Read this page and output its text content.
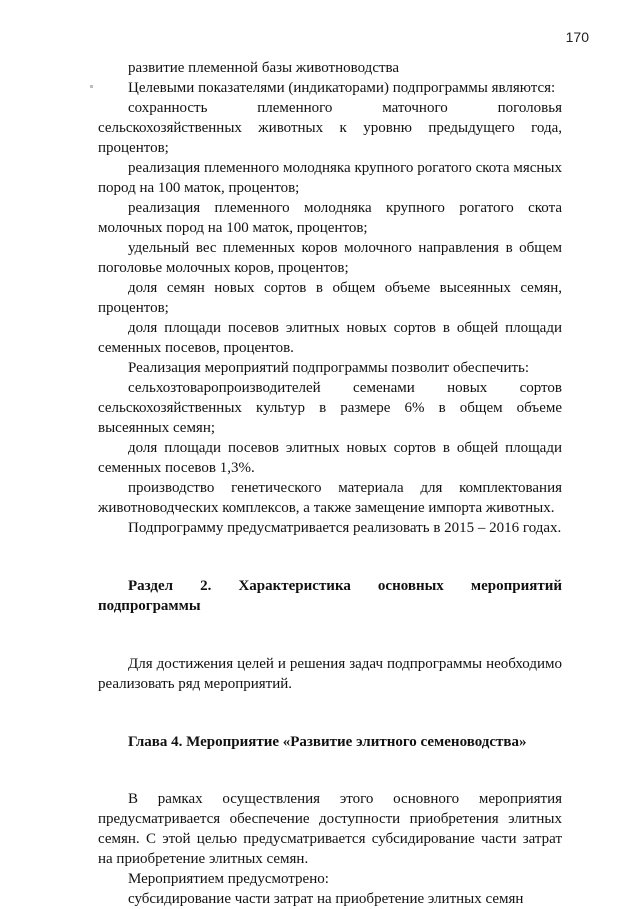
170

развитие племенной базы животноводства

Целевыми показателями (индикаторами) подпрограммы являются:

сохранность племенного маточного поголовья сельскохозяйственных животных к уровню предыдущего года, процентов;

реализация племенного молодняка крупного рогатого скота мясных пород на 100 маток, процентов;

реализация племенного молодняка крупного рогатого скота молочных пород на 100 маток, процентов;

удельный вес племенных коров молочного направления в общем поголовье молочных коров, процентов;

доля семян новых сортов в общем объеме высеянных семян, процентов;

доля площади посевов элитных новых сортов в общей площади семенных посевов, процентов.

Реализация мероприятий подпрограммы позволит обеспечить:

сельхозтоваропроизводителей семенами новых сортов сельскохозяйственных культур в размере 6% в общем объеме высеянных семян;

доля площади посевов элитных новых сортов в общей площади семенных посевов 1,3%.

производство генетического материала для комплектования животноводческих комплексов, а также замещение импорта животных.

Подпрограмму предусматривается реализовать в 2015 – 2016 годах.

Раздел 2. Характеристика основных мероприятий подпрограммы

Для достижения целей и решения задач подпрограммы необходимо реализовать ряд мероприятий.

Глава 4. Мероприятие «Развитие элитного семеноводства»

В рамках осуществления этого основного мероприятия предусматривается обеспечение доступности приобретения элитных семян. С этой целью предусматривается субсидирование части затрат на приобретение элитных семян.

Мероприятием предусмотрено:

субсидирование части затрат на приобретение элитных семян
